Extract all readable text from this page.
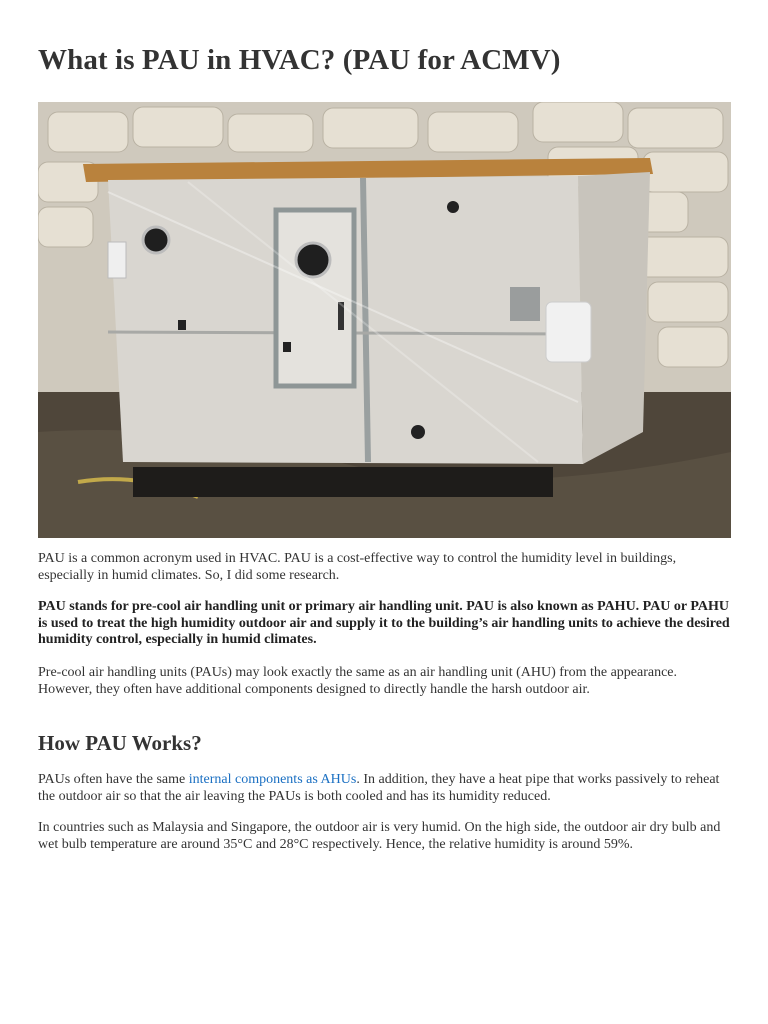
What is PAU in HVAC? (PAU for ACMV)

PAU is a common acronym used in HVAC. PAU is a cost-effective way to control the humidity level in buildings, especially in humid climates. So, I did some research.

PAU stands for pre-cool air handling unit or primary air handling unit. PAU is also known as PAHU. PAU or PAHU is used to treat the high humidity outdoor air and supply it to the building’s air handling units to achieve the desired humidity control, especially in humid climates.

Pre-cool air handling units (PAUs) may look exactly the same as an air handling unit (AHU) from the appearance. However, they often have additional components designed to directly handle the harsh outdoor air.

How PAU Works?

PAUs often have the same internal components as AHUs. In addition, they have a heat pipe that works passively to reheat the outdoor air so that the air leaving the PAUs is both cooled and has its humidity reduced.

In countries such as Malaysia and Singapore, the outdoor air is very humid. On the high side, the outdoor air dry bulb and wet bulb temperature are around 35°C and 28°C respectively. Hence, the relative humidity is around 59%.
